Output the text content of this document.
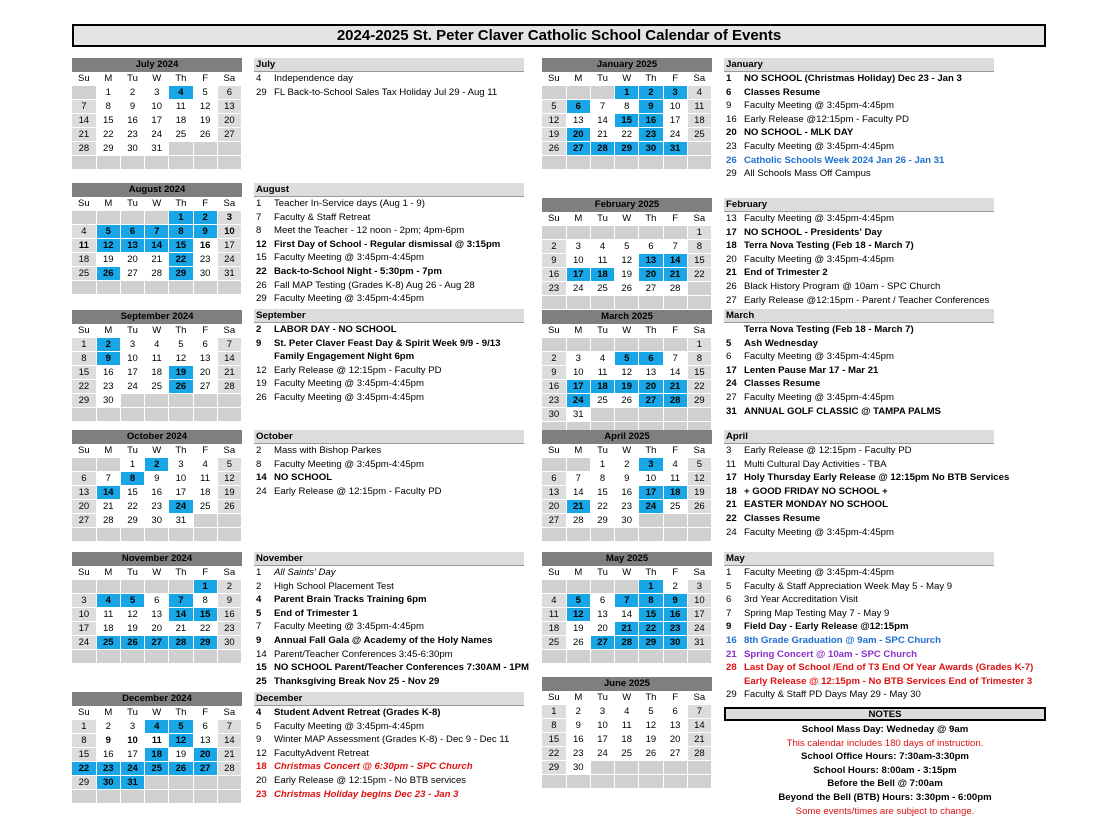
2024-2025 St. Peter Claver Catholic School Calendar of Events
July 2024
Su	M	Tu	W	Th	F	Sa
	1	2	3	4	5	6
7	8	9	10	11	12	13
14	15	16	17	18	19	20
21	22	23	24	25	26	27
28	29	30	31			

August 2024
Su	M	Tu	W	Th	F	Sa
				1	2	3
4	5	6	7	8	9	10
11	12	13	14	15	16	17
18	19	20	21	22	23	24
25	26	27	28	29	30	31

September 2024
Su	M	Tu	W	Th	F	Sa
1	2	3	4	5	6	7
8	9	10	11	12	13	14
15	16	17	18	19	20	21
22	23	24	25	26	27	28
29	30					

October 2024
Su	M	Tu	W	Th	F	Sa
		1	2	3	4	5
6	7	8	9	10	11	12
13	14	15	16	17	18	19
20	21	22	23	24	25	26
27	28	29	30	31		

November 2024
Su	M	Tu	W	Th	F	Sa
					1	2
3	4	5	6	7	8	9
10	11	12	13	14	15	16
17	18	19	20	21	22	23
24	25	26	27	28	29	30

December 2024
Su	M	Tu	W	Th	F	Sa
1	2	3	4	5	6	7
8	9	10	11	12	13	14
15	16	17	18	19	20	21
22	23	24	25	26	27	28
29	30	31				

January 2025
Su	M	Tu	W	Th	F	Sa
			1	2	3	4
5	6	7	8	9	10	11
12	13	14	15	16	17	18
19	20	21	22	23	24	25
26	27	28	29	30	31	

February 2025
Su	M	Tu	W	Th	F	Sa
						1
2	3	4	5	6	7	8
9	10	11	12	13	14	15
16	17	18	19	20	21	22
23	24	25	26	27	28	

March 2025
Su	M	Tu	W	Th	F	Sa
						1
2	3	4	5	6	7	8
9	10	11	12	13	14	15
16	17	18	19	20	21	22
23	24	25	26	27	28	29
30	31					

April 2025
Su	M	Tu	W	Th	F	Sa
		1	2	3	4	5
6	7	8	9	10	11	12
13	14	15	16	17	18	19
20	21	22	23	24	25	26
27	28	29	30			

May 2025
Su	M	Tu	W	Th	F	Sa
				1	2	3
4	5	6	7	8	9	10
11	12	13	14	15	16	17
18	19	20	21	22	23	24
25	26	27	28	29	30	31

June 2025
Su	M	Tu	W	Th	F	Sa
1	2	3	4	5	6	7
8	9	10	11	12	13	14
15	16	17	18	19	20	21
22	23	24	25	26	27	28
29	30					

July
4 Independence day
29 FL Back-to-School Sales Tax Holiday Jul 29 - Aug 11
August
1 Teacher In-Service days (Aug 1 - 9)
7 Faculty & Staff Retreat
8 Meet the Teacher - 12 noon - 2pm; 4pm-6pm
12 First Day of School - Regular dismissal @ 3:15pm
15 Faculty Meeting @ 3:45pm-4:45pm
22 Back-to-School Night - 5:30pm - 7pm
26 Fall MAP Testing (Grades K-8) Aug 26 - Aug 28
29 Faculty Meeting @ 3:45pm-4:45pm
September
2 LABOR DAY - NO SCHOOL
9 St. Peter Claver Feast Day & Spirit Week 9/9 - 9/13
Family Engagement Night 6pm
12 Early Release @ 12:15pm - Faculty PD
19 Faculty Meeting @ 3:45pm-4:45pm
26 Faculty Meeting @ 3:45pm-4:45pm
October
2 Mass with Bishop Parkes
8 Faculty Meeting @ 3:45pm-4:45pm
14 NO SCHOOL
24 Early Release @ 12:15pm - Faculty PD
November
1 All Saints' Day
2 High School Placement Test
4 Parent Brain Tracks Training 6pm
5 End of Trimester 1
7 Faculty Meeting @ 3:45pm-4:45pm
9 Annual Fall Gala @ Academy of the Holy Names
14 Parent/Teacher Conferences 3:45-6:30pm
15 NO SCHOOL Parent/Teacher Conferences 7:30AM - 1PM
25 Thanksgiving Break Nov 25 - Nov 29
December
4 Student Advent Retreat (Grades K-8)
5 Faculty Meeting @ 3:45pm-4:45pm
9 Winter MAP Assessment (Grades K-8) - Dec 9 - Dec 11
12 FacultyAdvent Retreat
18 Christmas Concert @ 6:30pm - SPC Church
20 Early Release @ 12:15pm - No BTB services
23 Christmas Holiday begins Dec 23 - Jan 3
January
1 NO SCHOOL (Christmas Holiday) Dec 23 - Jan 3
6 Classes Resume
9 Faculty Meeting @ 3:45pm-4:45pm
16 Early Release @12:15pm - Faculty PD
20 NO SCHOOL - MLK DAY
23 Faculty Meeting @ 3:45pm-4:45pm
26 Catholic Schools Week 2024 Jan 26 - Jan 31
29 All Schools Mass Off Campus
February
13 Faculty Meeting @ 3:45pm-4:45pm
17 NO SCHOOL - Presidents' Day
18 Terra Nova Testing (Feb 18 - March 7)
20 Faculty Meeting @ 3:45pm-4:45pm
21 End of Trimester 2
26 Black History Program @ 10am - SPC Church
27 Early Release @12:15pm - Parent / Teacher Conferences
March
Terra Nova Testing (Feb 18 - March 7)
5 Ash Wednesday
6 Faculty Meeting @ 3:45pm-4:45pm
17 Lenten Pause Mar 17 - Mar 21
24 Classes Resume
27 Faculty Meeting @ 3:45pm-4:45pm
31 ANNUAL GOLF CLASSIC @ TAMPA PALMS
April
3 Early Release @ 12:15pm - Faculty PD
11 Multi Cultural Day Activities - TBA
17 Holy Thursday Early Release @ 12:15pm No BTB Services
18 + GOOD FRIDAY NO SCHOOL +
21 EASTER MONDAY NO SCHOOL
22 Classes Resume
24 Faculty Meeting @ 3:45pm-4:45pm
May
1 Faculty Meeting @ 3:45pm-4:45pm
5 Faculty & Staff Appreciation Week May 5 - May 9
6 3rd Year Accreditation Visit
7 Spring Map Testing May 7 - May 9
9 Field Day - Early Release @12:15pm
16 8th Grade Graduation @ 9am - SPC Church
21 Spring Concert @ 10am - SPC Church
28 Last Day of School /End of T3 End Of Year Awards (Grades K-7)
Early Release @ 12:15pm - No BTB Services End of Trimester 3
29 Faculty & Staff PD Days May 29 - May 30
NOTES
School Mass Day: Wedneday @ 9am
This calendar includes 180 days of instruction.
School Office Hours: 7:30am-3:30pm
School Hours: 8:00am - 3:15pm
Before the Bell @ 7:00am
Beyond the Bell (BTB) Hours: 3:30pm - 6:00pm
Some events/times are subject to change.
